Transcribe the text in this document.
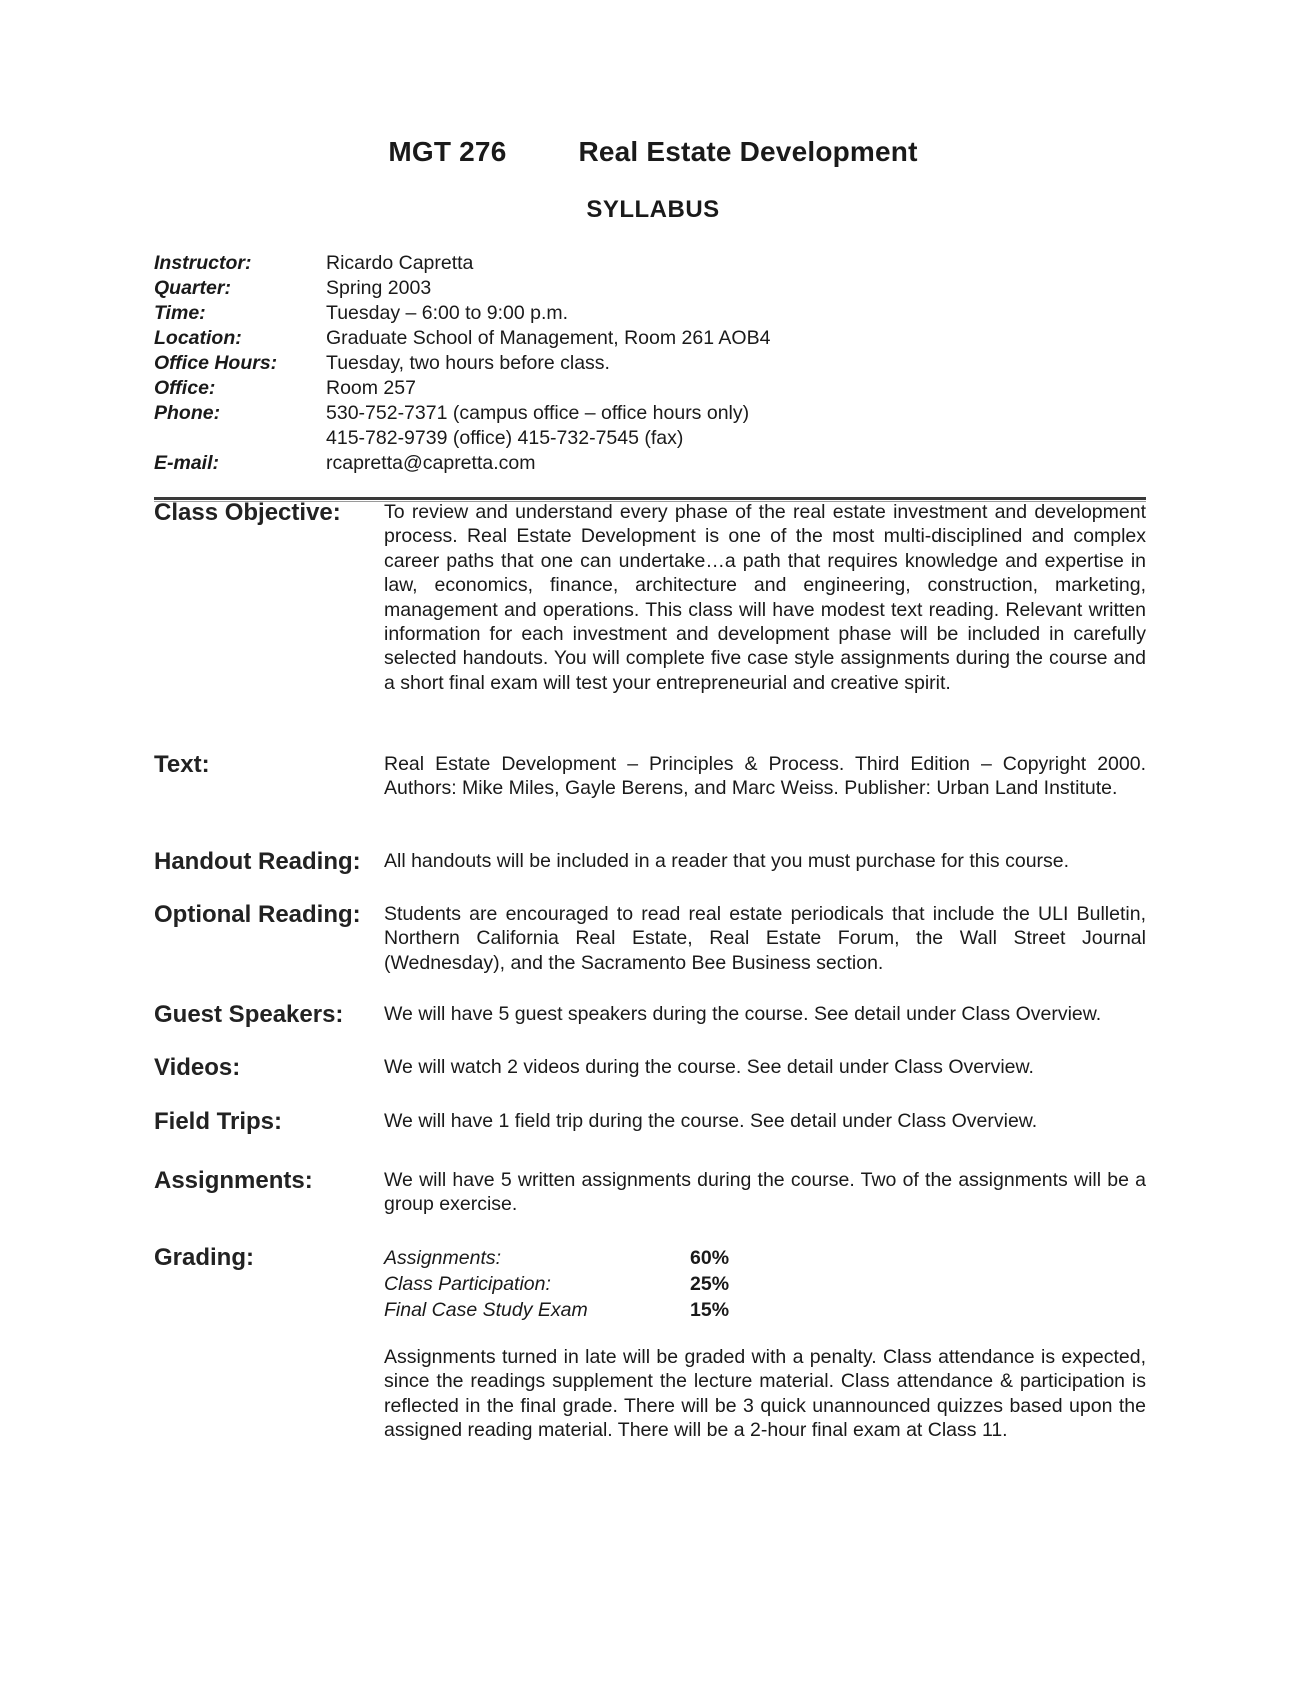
MGT 276	Real Estate Development
SYLLABUS
Instructor:	Ricardo Capretta
Quarter:	Spring 2003
Time:	Tuesday – 6:00 to 9:00 p.m.
Location:	Graduate School of Management, Room 261 AOB4
Office Hours:	Tuesday, two hours before class.
Office:	Room 257
Phone:	530-752-7371 (campus office – office hours only)
415-782-9739 (office) 415-732-7545 (fax)
E-mail:	rcapretta@capretta.com
Class Objective:	To review and understand every phase of the real estate investment and development process. Real Estate Development is one of the most multi-disciplined and complex career paths that one can undertake…a path that requires knowledge and expertise in law, economics, finance, architecture and engineering, construction, marketing, management and operations. This class will have modest text reading. Relevant written information for each investment and development phase will be included in carefully selected handouts. You will complete five case style assignments during the course and a short final exam will test your entrepreneurial and creative spirit.
Text:	Real Estate Development – Principles & Process. Third Edition – Copyright 2000. Authors: Mike Miles, Gayle Berens, and Marc Weiss. Publisher: Urban Land Institute.
Handout Reading:	All handouts will be included in a reader that you must purchase for this course.
Optional Reading:	Students are encouraged to read real estate periodicals that include the ULI Bulletin, Northern California Real Estate, Real Estate Forum, the Wall Street Journal (Wednesday), and the Sacramento Bee Business section.
Guest Speakers:	We will have 5 guest speakers during the course. See detail under Class Overview.
Videos:	We will watch 2 videos during the course. See detail under Class Overview.
Field Trips:	We will have 1 field trip during the course. See detail under Class Overview.
Assignments:	We will have 5 written assignments during the course. Two of the assignments will be a group exercise.
Grading:	Assignments:	60%
Class Participation:	25%
Final Case Study Exam	15%
Assignments turned in late will be graded with a penalty. Class attendance is expected, since the readings supplement the lecture material. Class attendance & participation is reflected in the final grade. There will be 3 quick unannounced quizzes based upon the assigned reading material. There will be a 2-hour final exam at Class 11.
